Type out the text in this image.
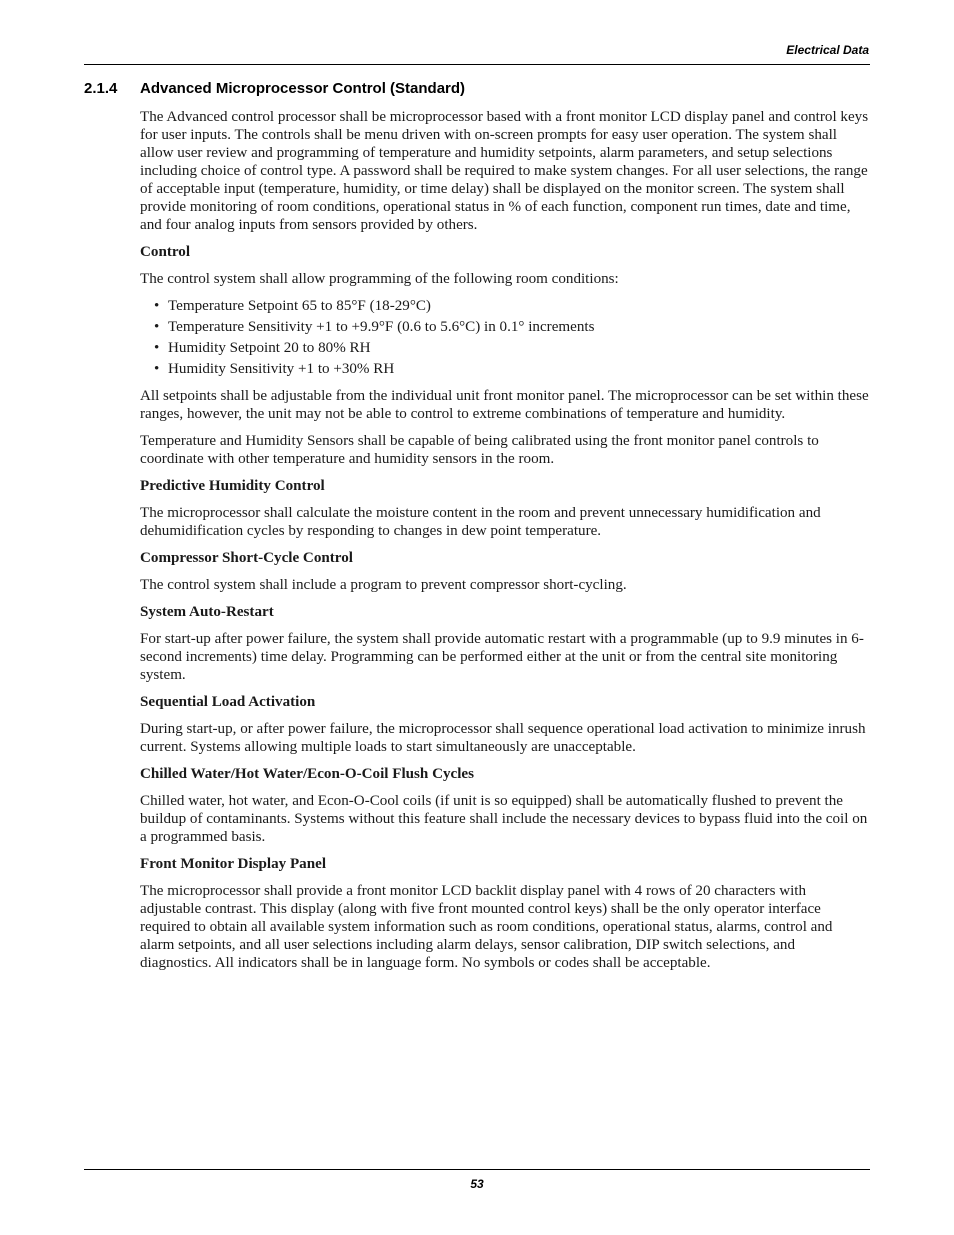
Electrical Data
2.1.4 Advanced Microprocessor Control (Standard)

The Advanced control processor shall be microprocessor based with a front monitor LCD display panel and control keys for user inputs. The controls shall be menu driven with on-screen prompts for easy user operation. The system shall allow user review and programming of temperature and humidity setpoints, alarm parameters, and setup selections including choice of control type. A password shall be required to make system changes. For all user selections, the range of acceptable input (temperature, humidity, or time delay) shall be displayed on the monitor screen. The system shall provide monitoring of room conditions, operational status in % of each function, component run times, date and time, and four analog inputs from sensors provided by others.

Control

The control system shall allow programming of the following room conditions:

• Temperature Setpoint 65 to 85°F (18-29°C)
• Temperature Sensitivity +1 to +9.9°F (0.6 to 5.6°C) in 0.1° increments
• Humidity Setpoint 20 to 80% RH
• Humidity Sensitivity +1 to +30% RH

All setpoints shall be adjustable from the individual unit front monitor panel. The microprocessor can be set within these ranges, however, the unit may not be able to control to extreme combinations of temperature and humidity.

Temperature and Humidity Sensors shall be capable of being calibrated using the front monitor panel controls to coordinate with other temperature and humidity sensors in the room.

Predictive Humidity Control

The microprocessor shall calculate the moisture content in the room and prevent unnecessary humidification and dehumidification cycles by responding to changes in dew point temperature.

Compressor Short-Cycle Control

The control system shall include a program to prevent compressor short-cycling.

System Auto-Restart

For start-up after power failure, the system shall provide automatic restart with a programmable (up to 9.9 minutes in 6-second increments) time delay. Programming can be performed either at the unit or from the central site monitoring system.

Sequential Load Activation

During start-up, or after power failure, the microprocessor shall sequence operational load activation to minimize inrush current. Systems allowing multiple loads to start simultaneously are unacceptable.

Chilled Water/Hot Water/Econ-O-Coil Flush Cycles

Chilled water, hot water, and Econ-O-Cool coils (if unit is so equipped) shall be automatically flushed to prevent the buildup of contaminants. Systems without this feature shall include the necessary devices to bypass fluid into the coil on a programmed basis.

Front Monitor Display Panel

The microprocessor shall provide a front monitor LCD backlit display panel with 4 rows of 20 characters with adjustable contrast. This display (along with five front mounted control keys) shall be the only operator interface required to obtain all available system information such as room conditions, operational status, alarms, control and alarm setpoints, and all user selections including alarm delays, sensor calibration, DIP switch selections, and diagnostics. All indicators shall be in language form. No symbols or codes shall be acceptable.

53
